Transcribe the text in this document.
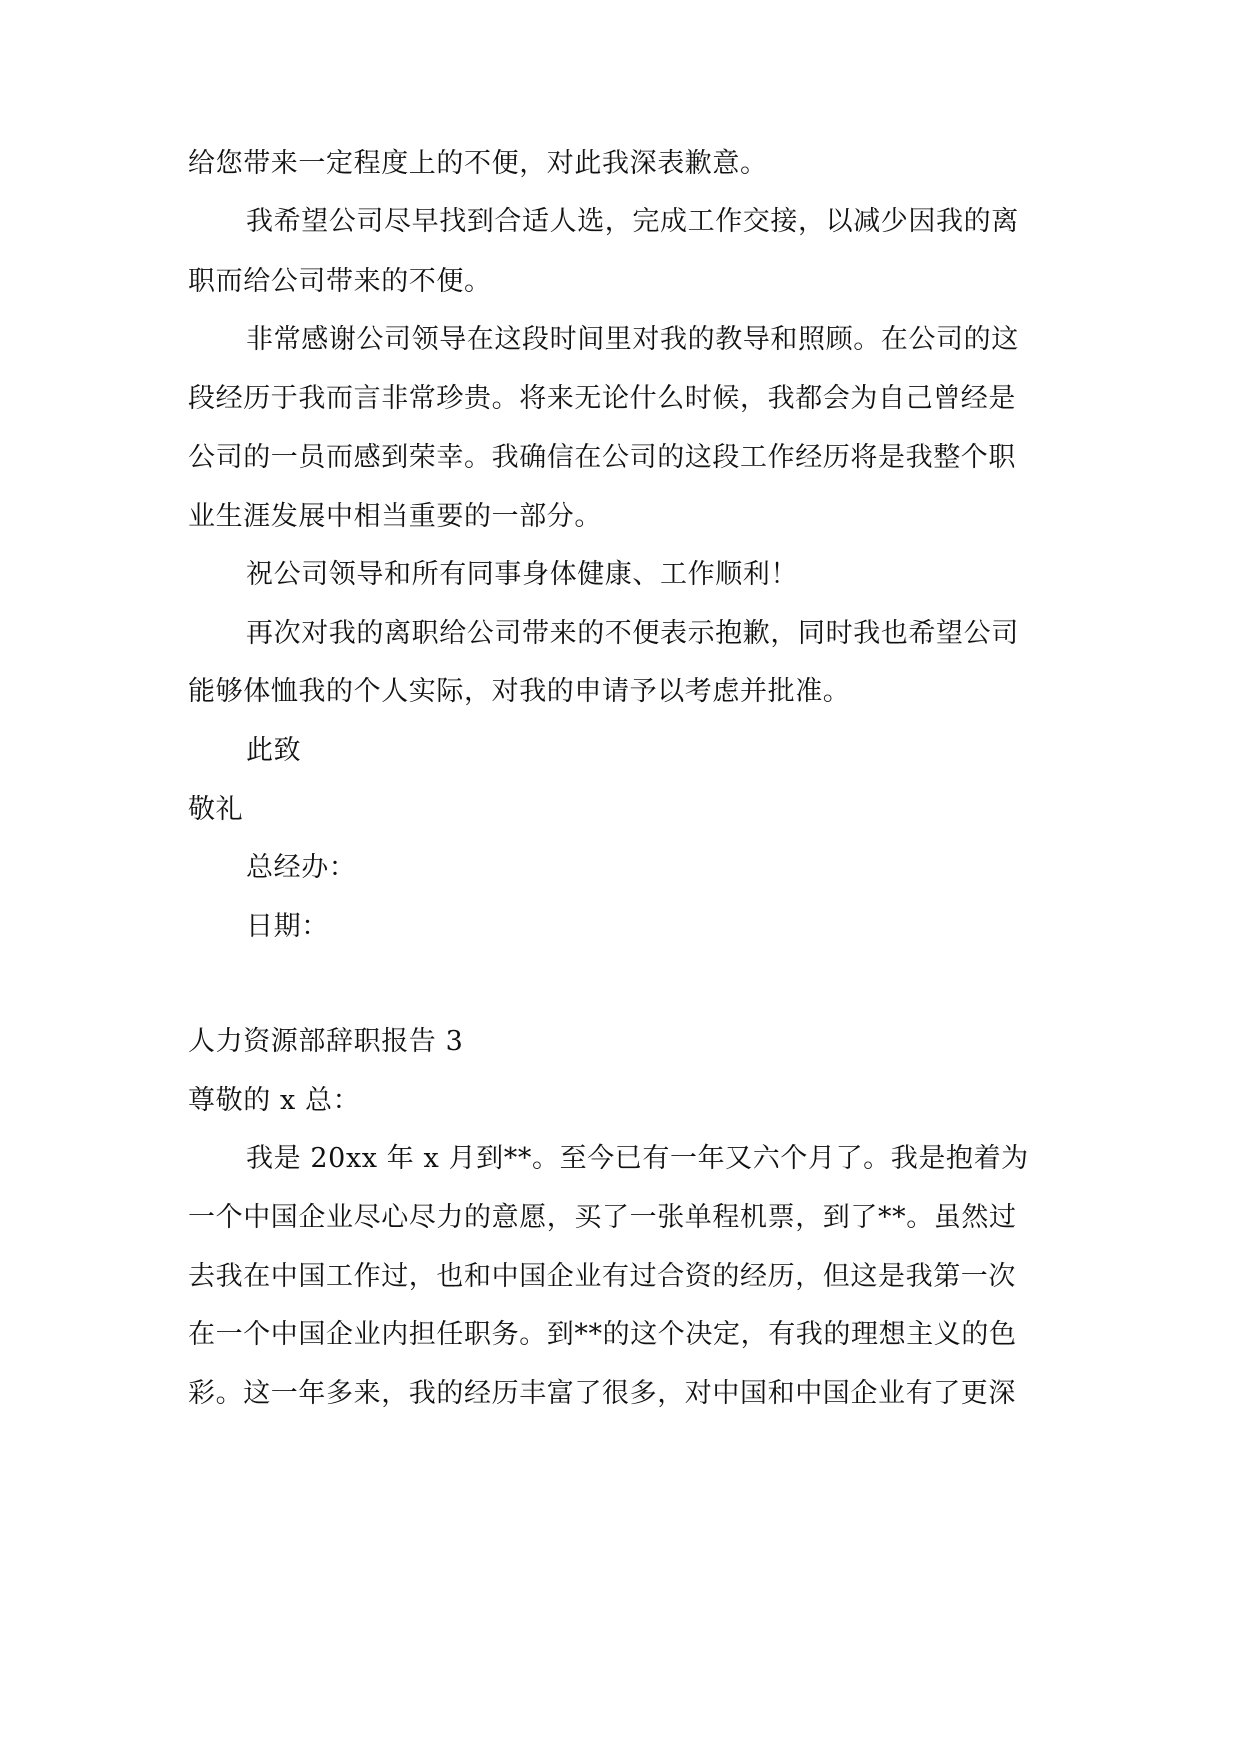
给您带来一定程度上的不便，对此我深表歉意。
我希望公司尽早找到合适人选，完成工作交接，以减少因我的离
职而给公司带来的不便。
非常感谢公司领导在这段时间里对我的教导和照顾。在公司的这
段经历于我而言非常珍贵。将来无论什么时候，我都会为自己曾经是
公司的一员而感到荣幸。我确信在公司的这段工作经历将是我整个职
业生涯发展中相当重要的一部分。
祝公司领导和所有同事身体健康、工作顺利！
再次对我的离职给公司带来的不便表示抱歉，同时我也希望公司
能够体恤我的个人实际，对我的申请予以考虑并批准。
此致
敬礼
总经办：
日期：
人力资源部辞职报告 3
尊敬的 x 总：
我是 20xx 年 x 月到**。至今已有一年又六个月了。我是抱着为
一个中国企业尽心尽力的意愿，买了一张单程机票，到了**。虽然过
去我在中国工作过，也和中国企业有过合资的经历，但这是我第一次
在一个中国企业内担任职务。到**的这个决定，有我的理想主义的色
彩。这一年多来，我的经历丰富了很多，对中国和中国企业有了更深
